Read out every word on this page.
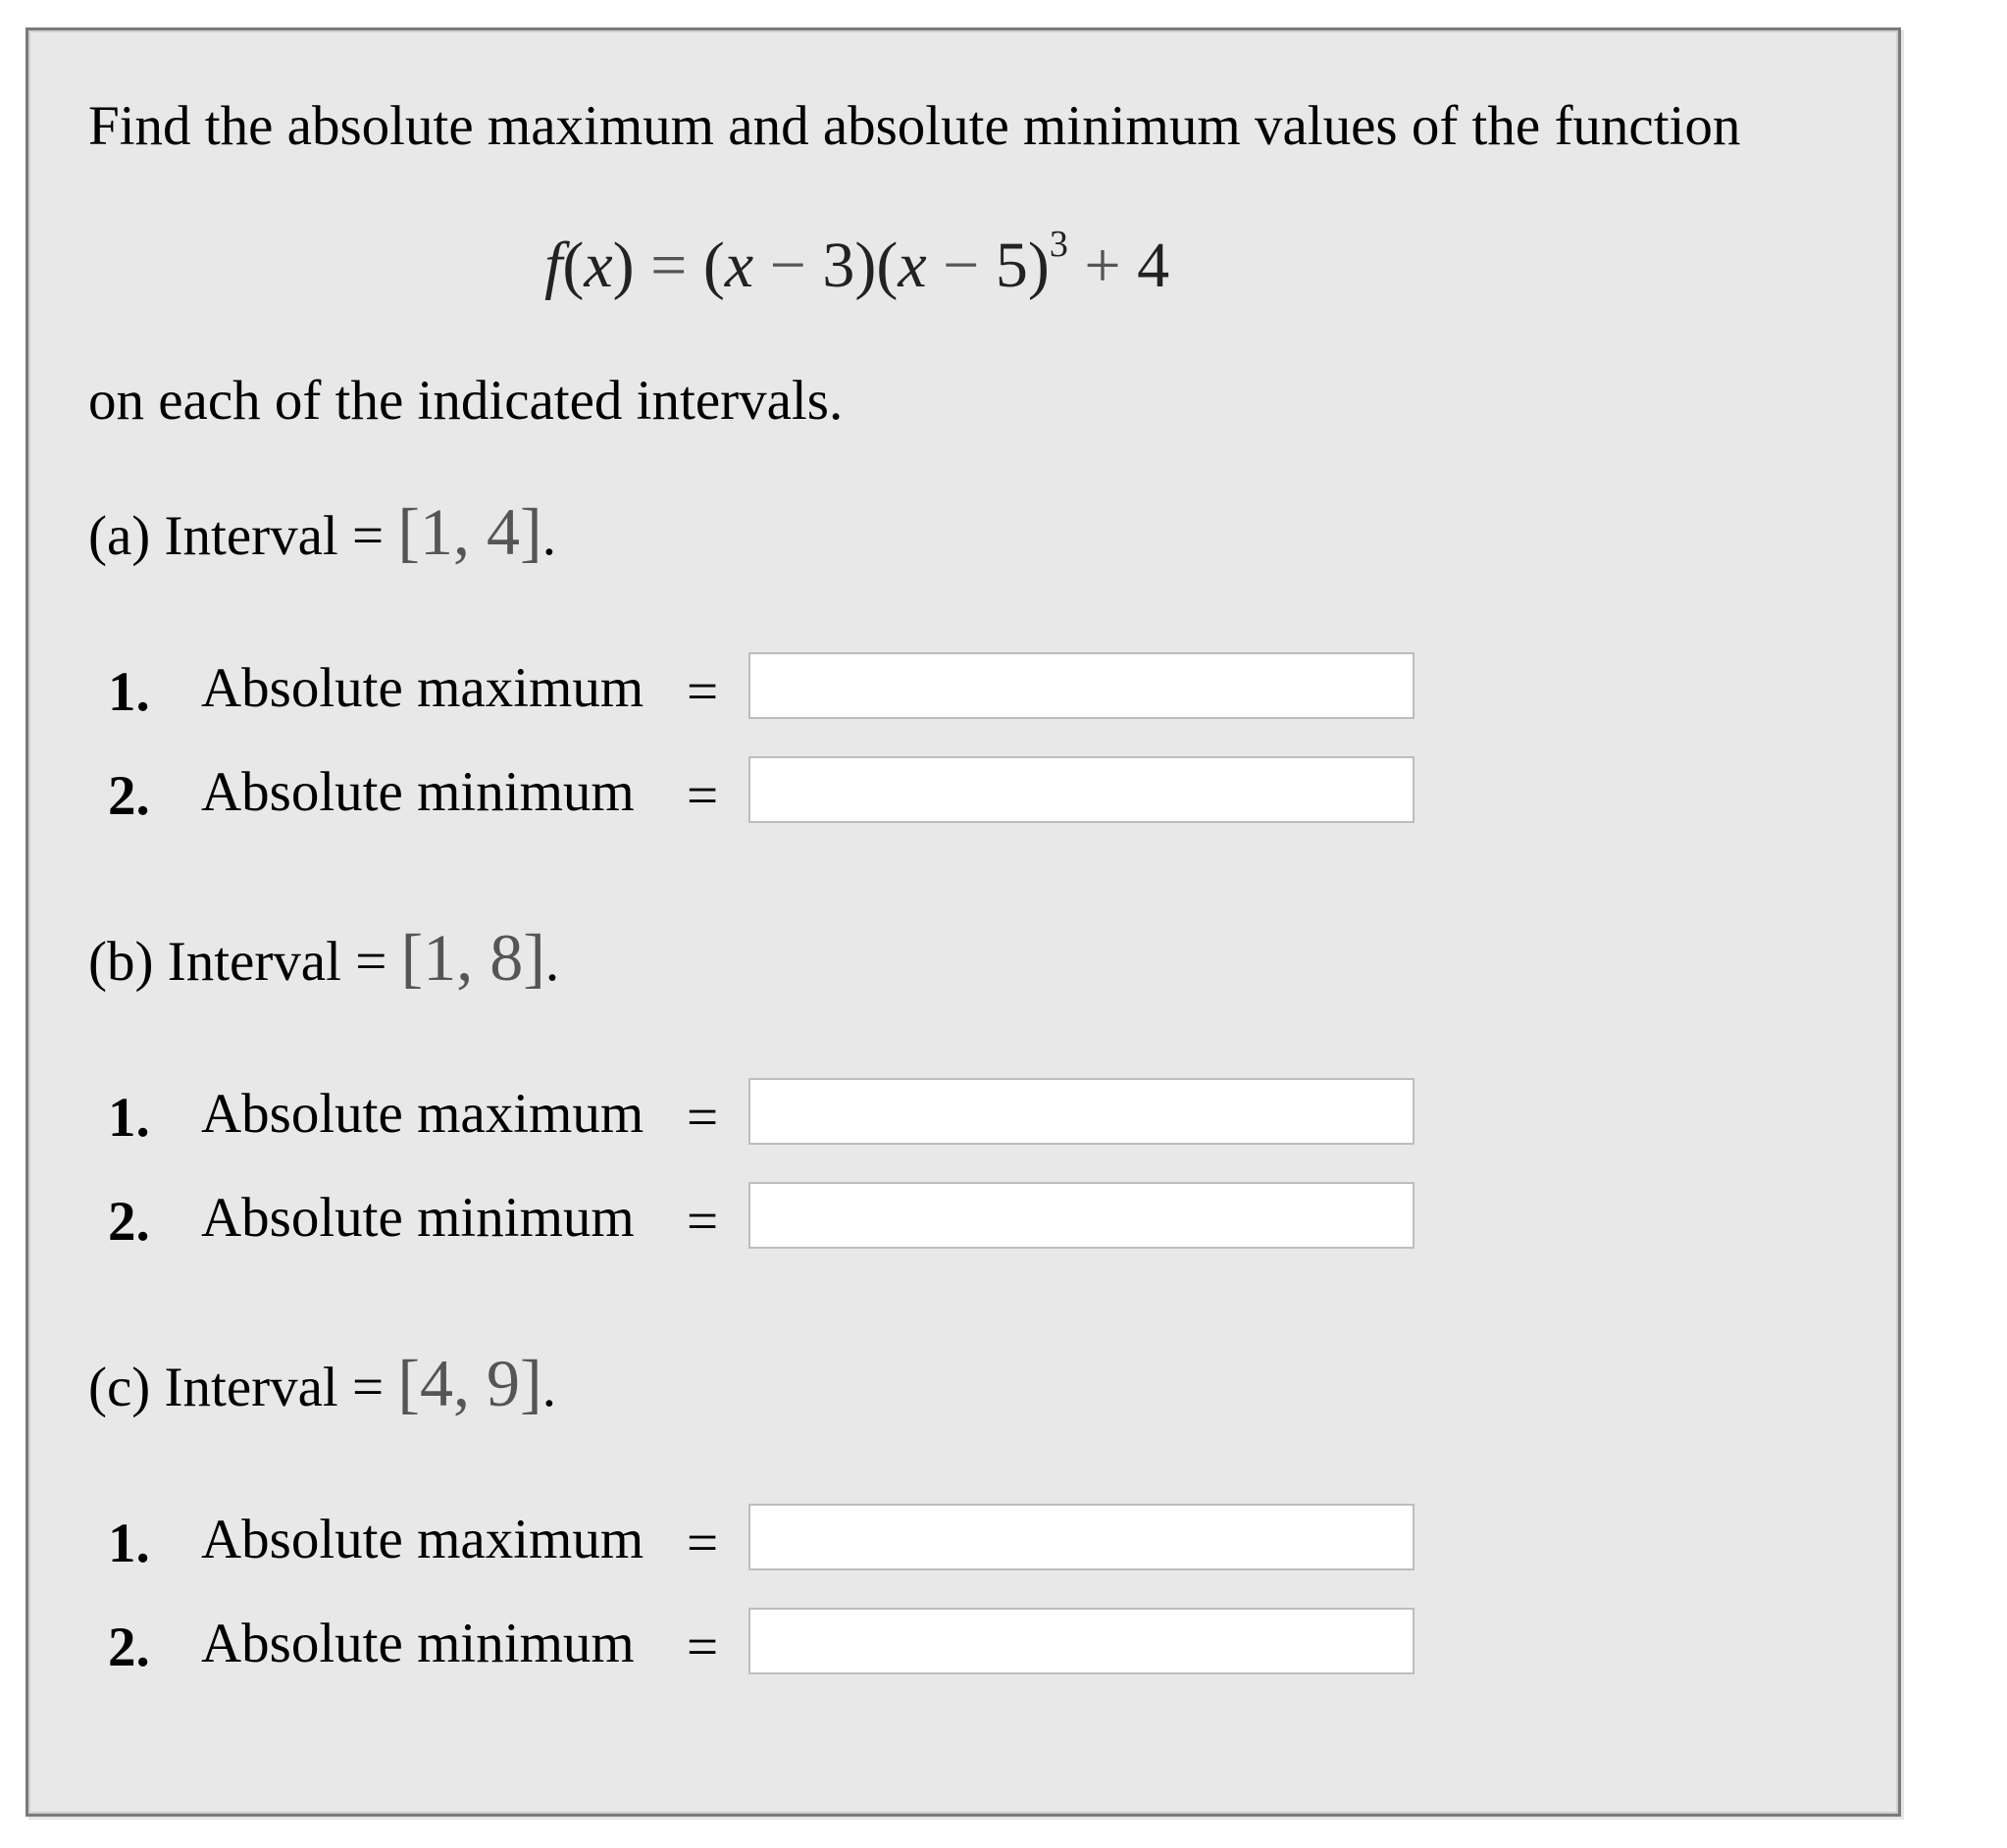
Find the absolute maximum and absolute minimum values of the function
$f(x) = (x - 3)(x - 5)^3 + 4$
on each of the indicated intervals.
(a) Interval = [1, 4].
1. Absolute maximum =
2. Absolute minimum =
(b) Interval = [1, 8].
1. Absolute maximum =
2. Absolute minimum =
(c) Interval = [4, 9].
1. Absolute maximum =
2. Absolute minimum =
